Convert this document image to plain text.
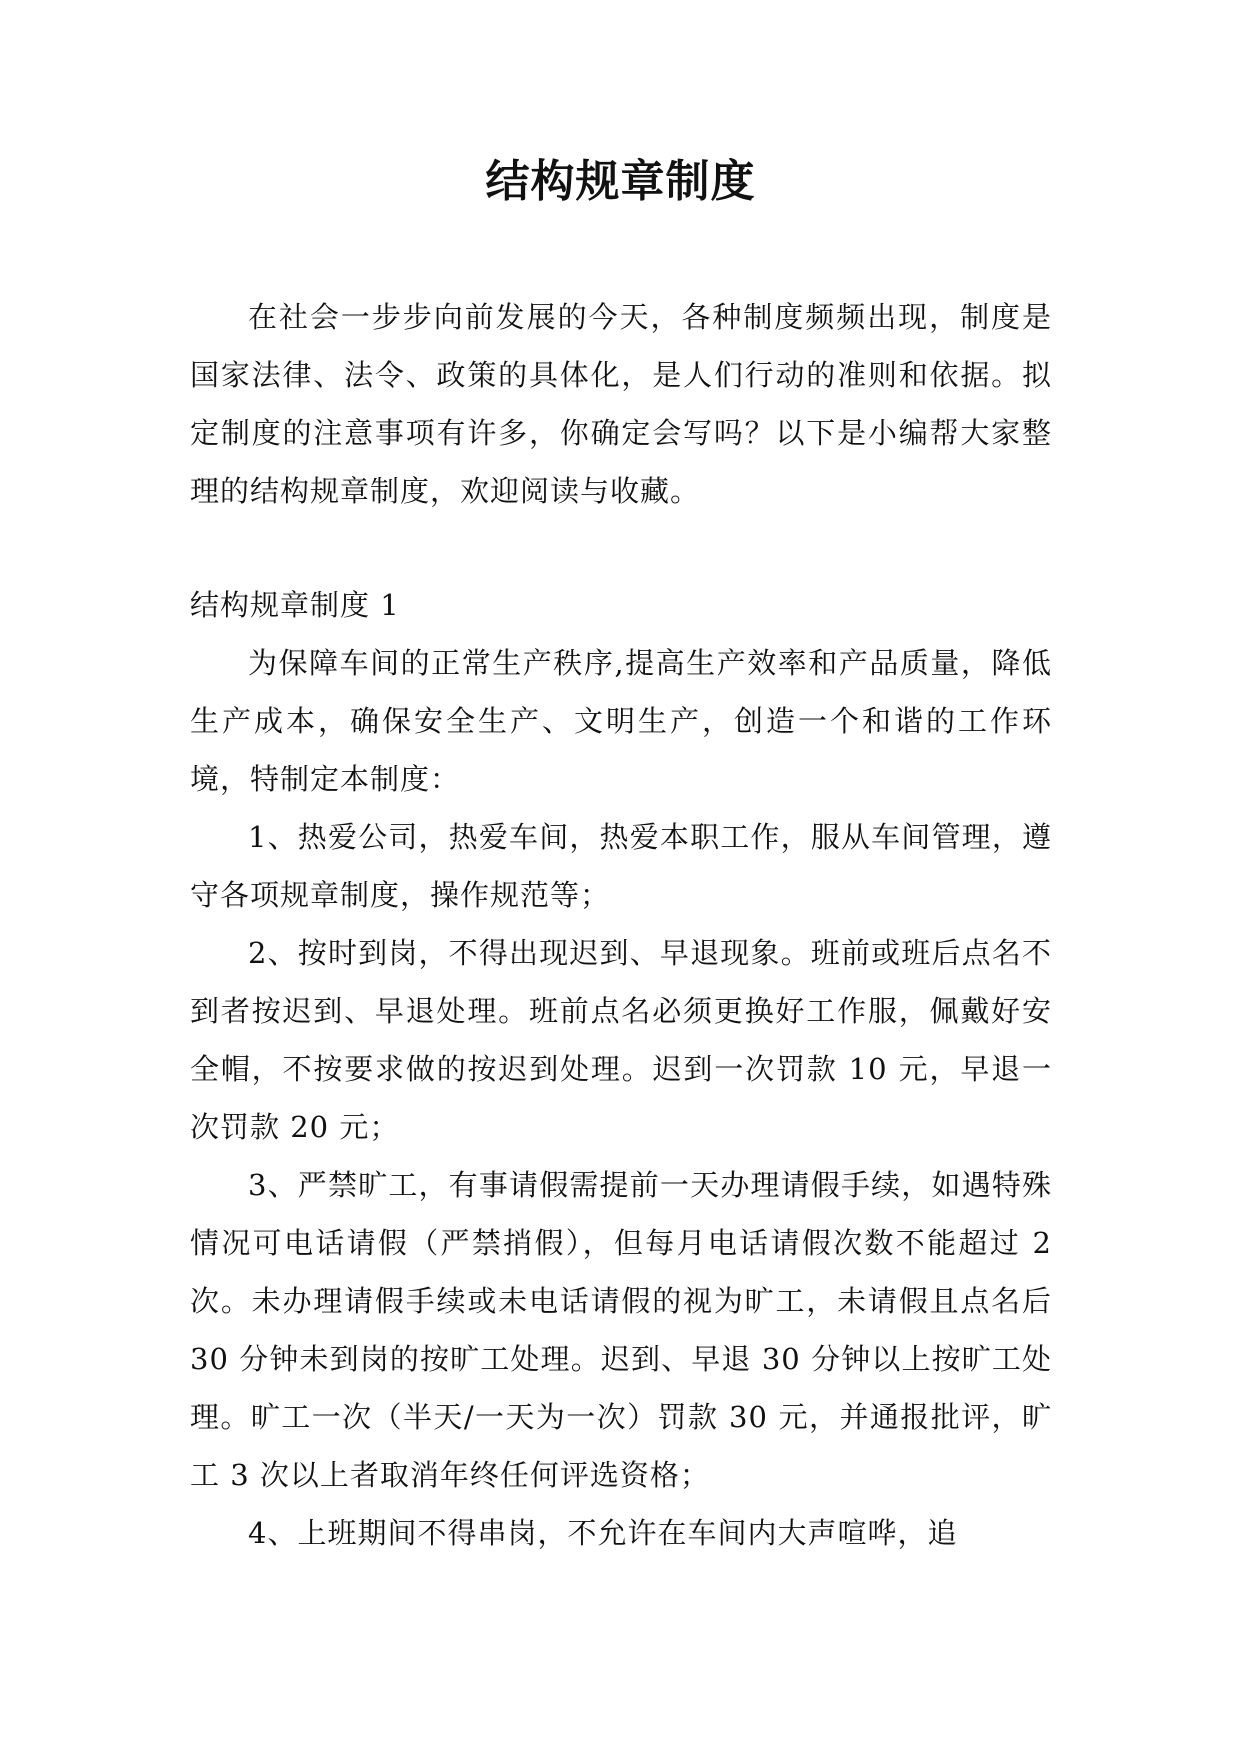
结构规章制度

在社会一步步向前发展的今天，各种制度频频出现，制度是国家法律、法令、政策的具体化，是人们行动的准则和依据。拟定制度的注意事项有许多，你确定会写吗？以下是小编帮大家整理的结构规章制度，欢迎阅读与收藏。

结构规章制度 1

为保障车间的正常生产秩序,提高生产效率和产品质量，降低生产成本，确保安全生产、文明生产，创造一个和谐的工作环境，特制定本制度：

1、热爱公司，热爱车间，热爱本职工作，服从车间管理，遵守各项规章制度，操作规范等；

2、按时到岗，不得出现迟到、早退现象。班前或班后点名不到者按迟到、早退处理。班前点名必须更换好工作服，佩戴好安全帽，不按要求做的按迟到处理。迟到一次罚款 10 元，早退一次罚款 20 元；

3、严禁旷工，有事请假需提前一天办理请假手续，如遇特殊情况可电话请假（严禁捎假），但每月电话请假次数不能超过 2 次。未办理请假手续或未电话请假的视为旷工，未请假且点名后 30 分钟未到岗的按旷工处理。迟到、早退 30 分钟以上按旷工处理。旷工一次（半天/一天为一次）罚款 30 元，并通报批评，旷工 3 次以上者取消年终任何评选资格；

4、上班期间不得串岗，不允许在车间内大声喧哗，追
